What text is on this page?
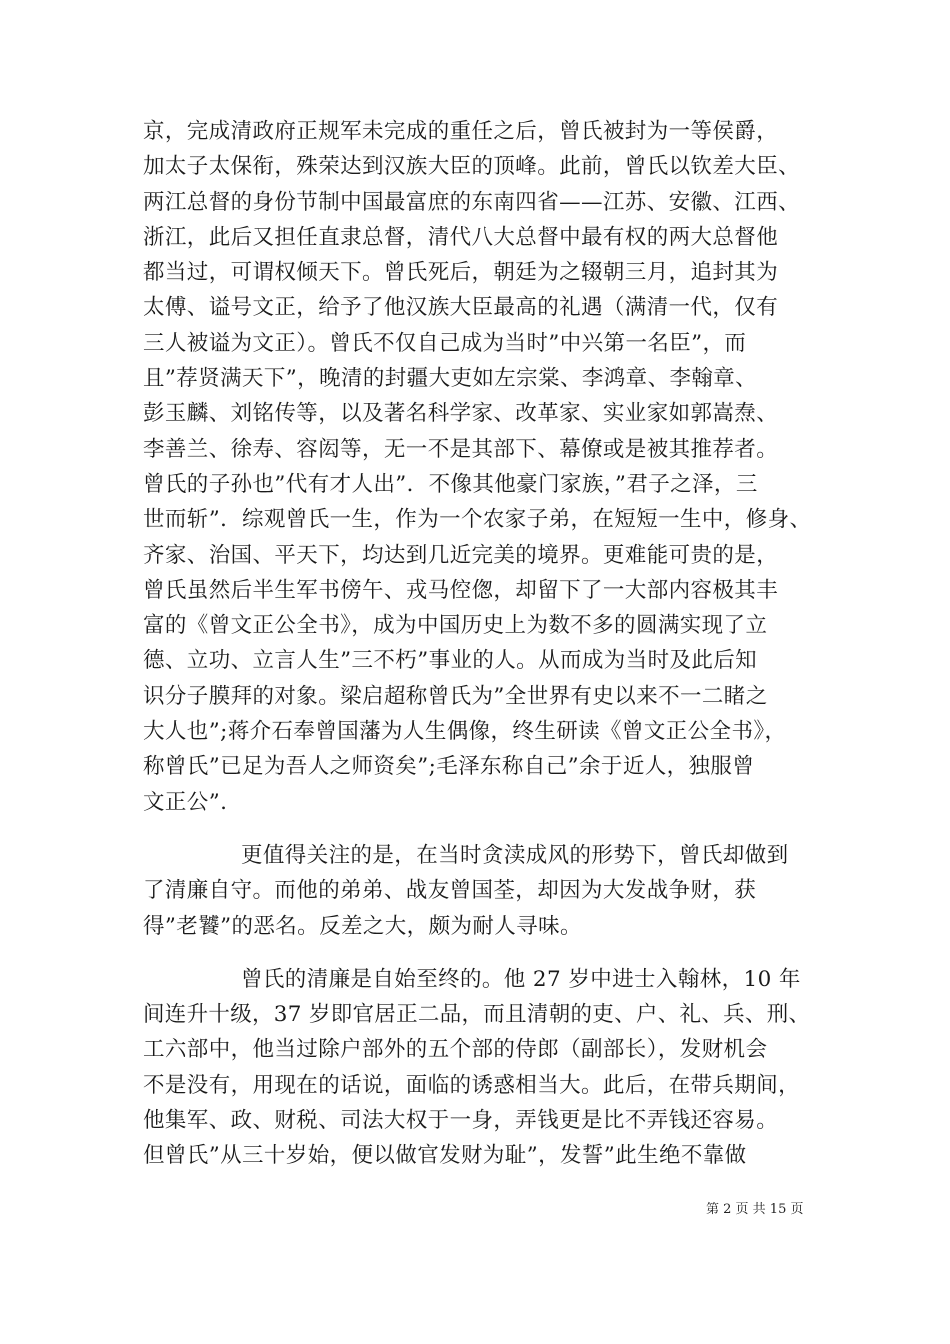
京，完成清政府正规军未完成的重任之后，曾氏被封为一等侯爵，
加太子太保衔，殊荣达到汉族大臣的顶峰。此前，曾氏以钦差大臣、
两江总督的身份节制中国最富庶的东南四省——江苏、安徽、江西、
浙江，此后又担任直隶总督，清代八大总督中最有权的两大总督他
都当过，可谓权倾天下。曾氏死后，朝廷为之辍朝三月，追封其为
太傅、谥号文正，给予了他汉族大臣最高的礼遇（满清一代，仅有
三人被谥为文正）。曾氏不仅自己成为当时”中兴第一名臣”，而
且”荐贤满天下”，晚清的封疆大吏如左宗棠、李鸿章、李翰章、
彭玉麟、刘铭传等，以及著名科学家、改革家、实业家如郭嵩焘、
李善兰、徐寿、容闳等，无一不是其部下、幕僚或是被其推荐者。
曾氏的子孙也”代有才人出”．不像其他豪门家族，”君子之泽，三
世而斩”．综观曾氏一生，作为一个农家子弟，在短短一生中，修身、
齐家、治国、平天下，均达到几近完美的境界。更难能可贵的是，
曾氏虽然后半生军书傍午、戎马倥偬，却留下了一大部内容极其丰
富的《曾文正公全书》，成为中国历史上为数不多的圆满实现了立
德、立功、立言人生”三不朽”事业的人。从而成为当时及此后知
识分子膜拜的对象。梁启超称曾氏为”全世界有史以来不一二睹之
大人也”;蒋介石奉曾国藩为人生偶像，终生研读《曾文正公全书》，
称曾氏”已足为吾人之师资矣”;毛泽东称自己”余于近人，独服曾
文正公”.
更值得关注的是，在当时贪渎成风的形势下，曾氏却做到
了清廉自守。而他的弟弟、战友曾国荃，却因为大发战争财，获
得”老饕”的恶名。反差之大，颇为耐人寻味。
曾氏的清廉是自始至终的。他 27 岁中进士入翰林，10 年
间连升十级，37 岁即官居正二品，而且清朝的吏、户、礼、兵、刑、
工六部中，他当过除户部外的五个部的侍郎（副部长），发财机会
不是没有，用现在的话说，面临的诱惑相当大。此后，在带兵期间，
他集军、政、财税、司法大权于一身，弄钱更是比不弄钱还容易。
但曾氏”从三十岁始，便以做官发财为耻”，发誓”此生绝不靠做
第 2 页 共 15 页
